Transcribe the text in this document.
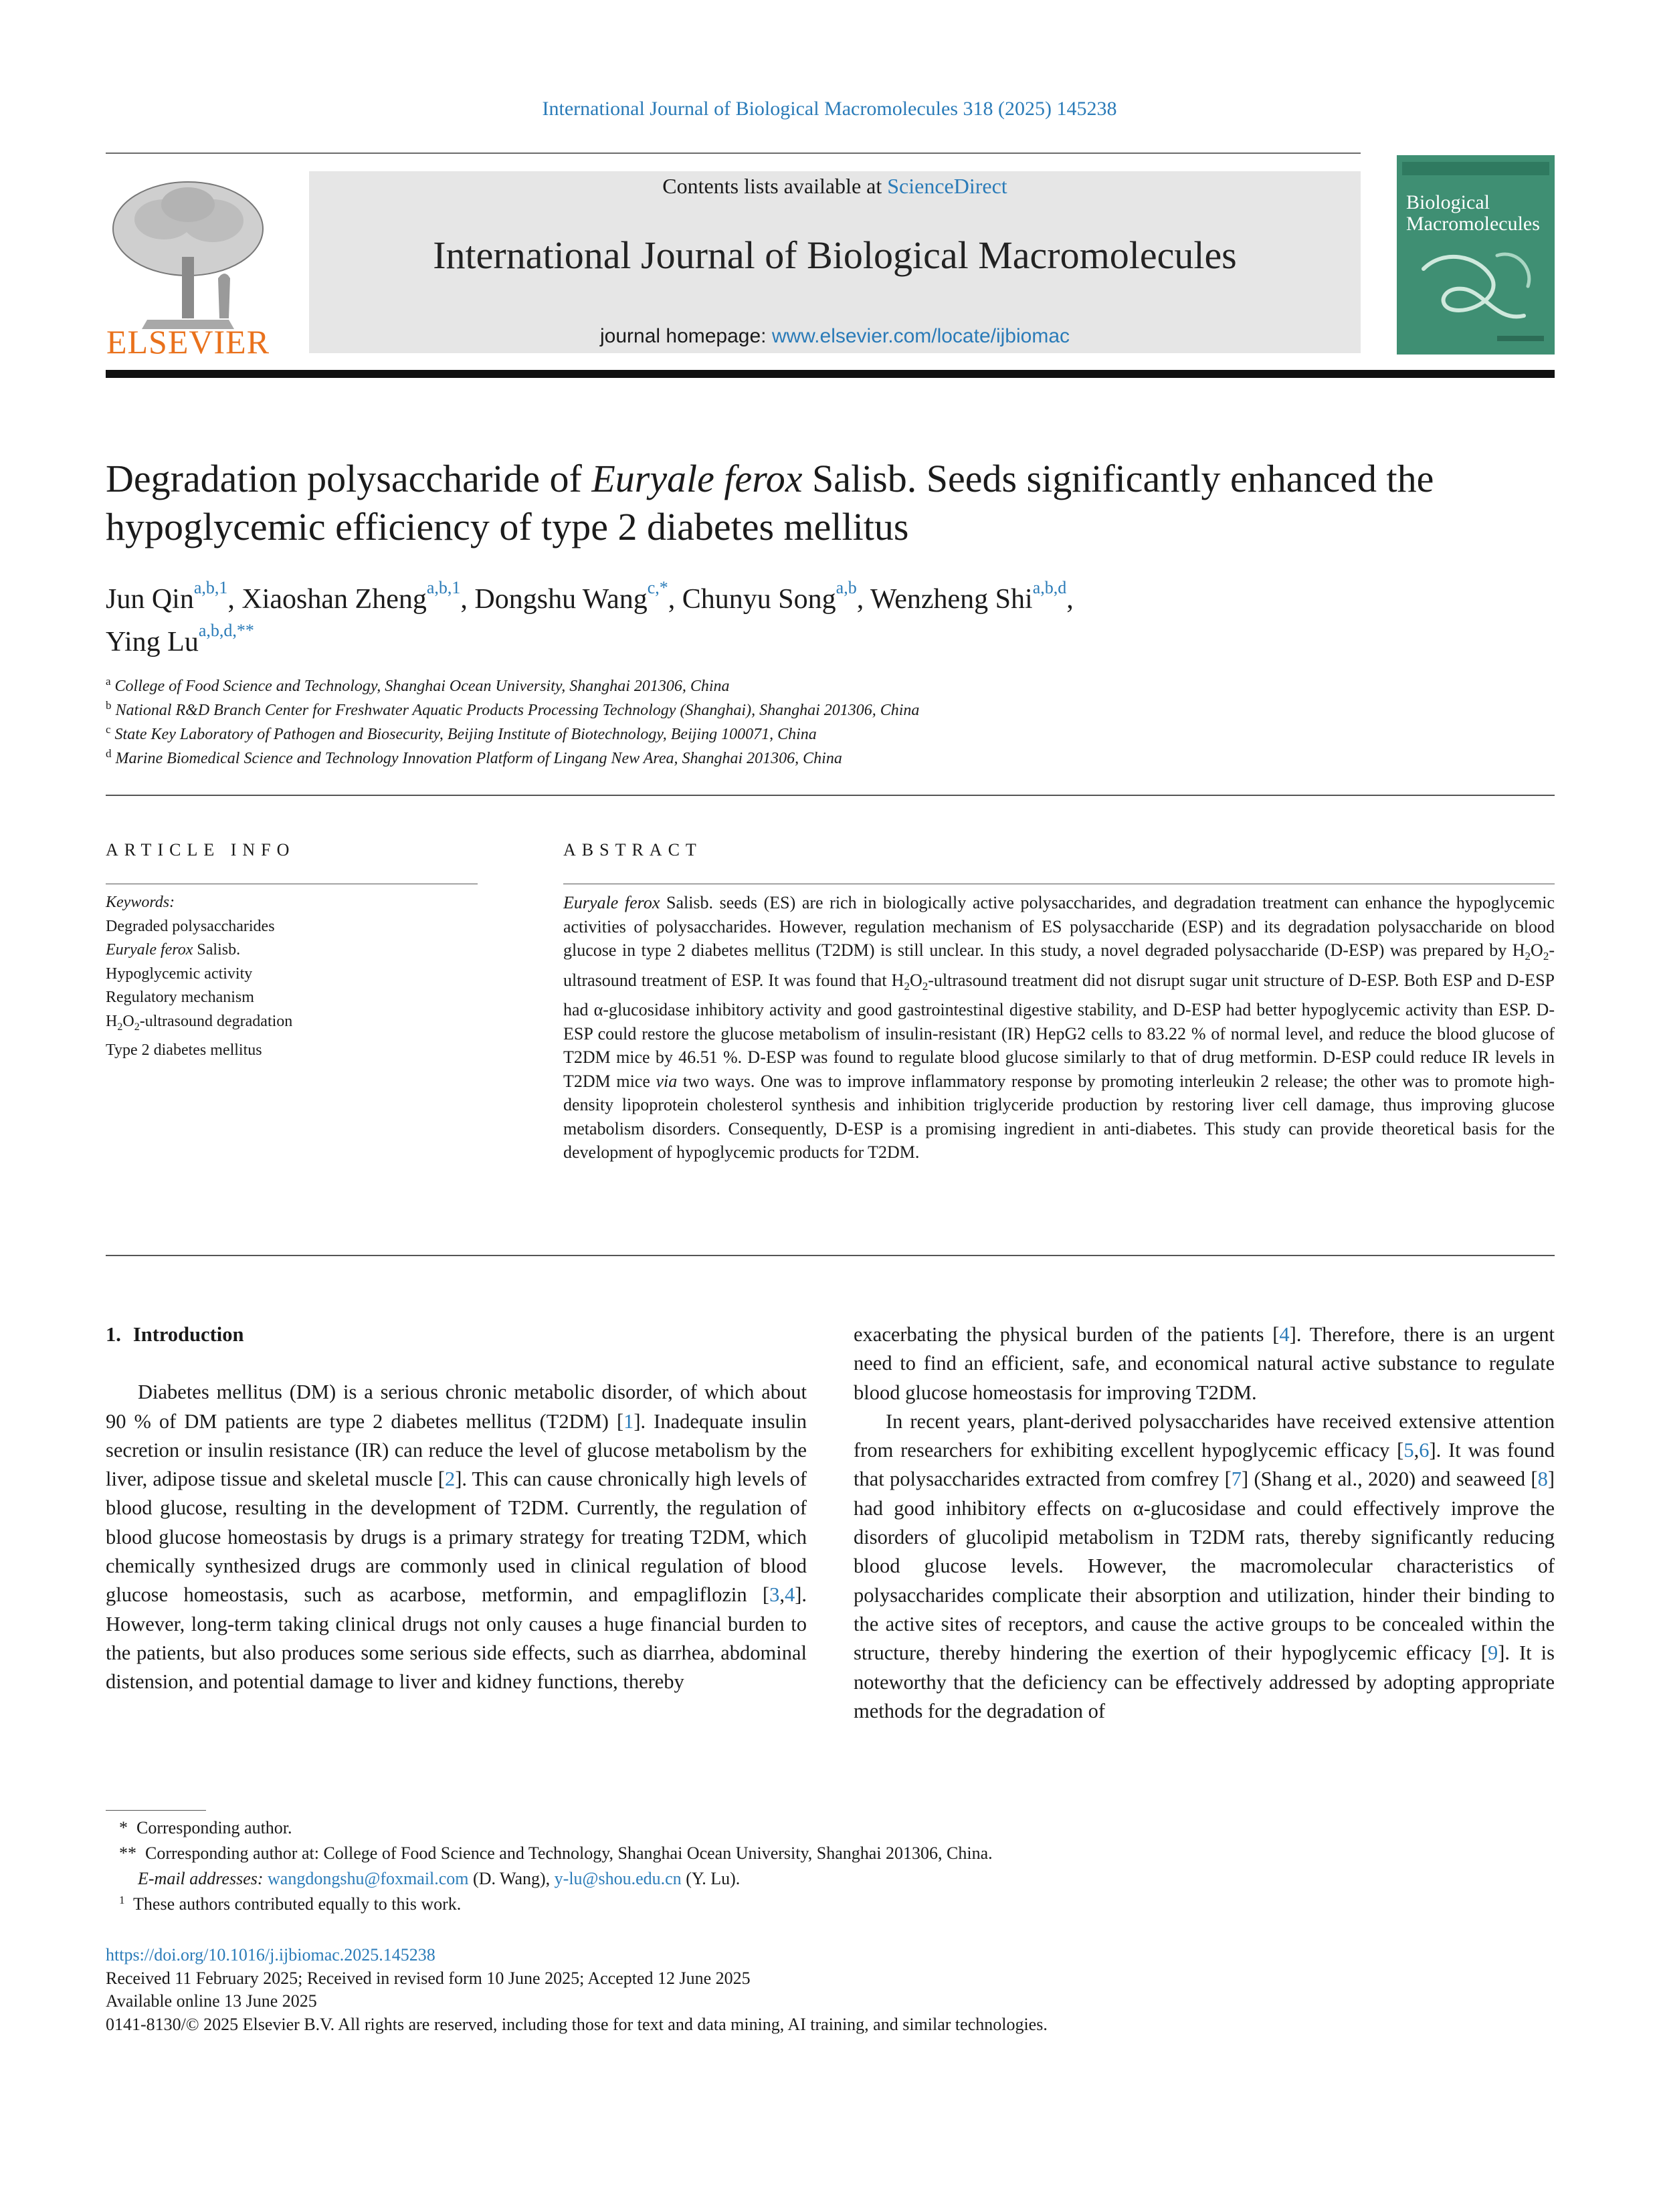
International Journal of Biological Macromolecules 318 (2025) 145238
ELSEVIER
Contents lists available at ScienceDirect
International Journal of Biological Macromolecules
journal homepage: www.elsevier.com/locate/ijbiomac
Biological
Macromolecules
Degradation polysaccharide of Euryale ferox Salisb. Seeds significantly enhanced the hypoglycemic efficiency of type 2 diabetes mellitus
Jun Qin$^{a,b,1}$, Xiaoshan Zheng$^{a,b,1}$, Dongshu Wang$^{c,*}$, Chunyu Song$^{a,b}$, Wenzheng Shi$^{a,b,d}$,
Ying $Lu^{a,b,d,**}$
$^a$ College of Food Science and Technology, Shanghai Ocean University, Shanghai 201306, China
$^b$ National R&D Branch Center for Freshwater Aquatic Products Processing Technology (Shanghai), Shanghai 201306, China
$^c$ State Key Laboratory of Pathogen and Biosecurity, Beijing Institute of Biotechnology, Beijing 100071, China
$^d$ Marine Biomedical Science and Technology Innovation Platform of Lingang New Area, Shanghai 201306, China
ARTICLE INFO	ABSTRACT
Keywords:
Degraded polysaccharides
Euryale ferox Salisb.
Hypoglycemic activity
Regulatory mechanism
$H_2O_2$-ultrasound degradation
Type 2 diabetes mellitus
Euryale ferox Salisb. seeds (ES) are rich in biologically active polysaccharides, and degradation treatment can enhance the hypoglycemic activities of polysaccharides. However, regulation mechanism of ES polysaccharide (ESP) and its degradation polysaccharide on blood glucose in type 2 diabetes mellitus (T2DM) is still unclear. In this study, a novel degraded polysaccharide (D-ESP) was prepared by $H_2O_2$-ultrasound treatment of ESP. It was found that $H_2O_2$-ultrasound treatment did not disrupt sugar unit structure of D-ESP. Both ESP and D-ESP had α-glucosidase inhibitory activity and good gastrointestinal digestive stability, and D-ESP had better hypoglycemic activity than ESP. D-ESP could restore the glucose metabolism of insulin-resistant (IR) HepG2 cells to 83.22 % of normal level, and reduce the blood glucose of T2DM mice by 46.51 %. D-ESP was found to regulate blood glucose similarly to that of drug metformin. D-ESP could reduce IR levels in T2DM mice via two ways. One was to improve inflammatory response by promoting interleukin 2 release; the other was to promote high-density lipoprotein cholesterol synthesis and inhibition triglyceride production by restoring liver cell damage, thus improving glucose metabolism disorders. Consequently, D-ESP is a promising ingredient in anti-diabetes. This study can provide theoretical basis for the development of hypoglycemic products for T2DM.
1. Introduction

Diabetes mellitus (DM) is a serious chronic metabolic disorder, of which about 90 % of DM patients are type 2 diabetes mellitus (T2DM) [1]. Inadequate insulin secretion or insulin resistance (IR) can reduce the level of glucose metabolism by the liver, adipose tissue and skeletal muscle [2]. This can cause chronically high levels of blood glucose, resulting in the development of T2DM. Currently, the regulation of blood glucose homeostasis by drugs is a primary strategy for treating T2DM, which chemically synthesized drugs are commonly used in clinical regulation of blood glucose homeostasis, such as acarbose, metformin, and empagliflozin [3,4]. However, long-term taking clinical drugs not only causes a huge financial burden to the patients, but also produces some serious side effects, such as diarrhea, abdominal distension, and potential damage to liver and kidney functions, thereby

exacerbating the physical burden of the patients [4]. Therefore, there is an urgent need to find an efficient, safe, and economical natural active substance to regulate blood glucose homeostasis for improving T2DM.

In recent years, plant-derived polysaccharides have received extensive attention from researchers for exhibiting excellent hypoglycemic efficacy [5,6]. It was found that polysaccharides extracted from comfrey [7] (Shang et al., 2020) and seaweed [8] had good inhibitory effects on α-glucosidase and could effectively improve the disorders of glucolipid metabolism in T2DM rats, thereby significantly reducing blood glucose levels. However, the macromolecular characteristics of polysaccharides complicate their absorption and utilization, hinder their binding to the active sites of receptors, and cause the active groups to be concealed within the structure, thereby hindering the exertion of their hypoglycemic efficacy [9]. It is noteworthy that the deficiency can be effectively addressed by adopting appropriate methods for the degradation of

* Corresponding author.
** Corresponding author at: College of Food Science and Technology, Shanghai Ocean University, Shanghai 201306, China.
E-mail addresses: wangdongshu@foxmail.com (D. Wang), y-lu@shou.edu.cn (Y. Lu).
$^1$ These authors contributed equally to this work.
https://doi.org/10.1016/j.ijbiomac.2025.145238
Received 11 February 2025; Received in revised form 10 June 2025; Accepted 12 June 2025
Available online 13 June 2025
0141-8130/© 2025 Elsevier B.V. All rights are reserved, including those for text and data mining, AI training, and similar technologies.
